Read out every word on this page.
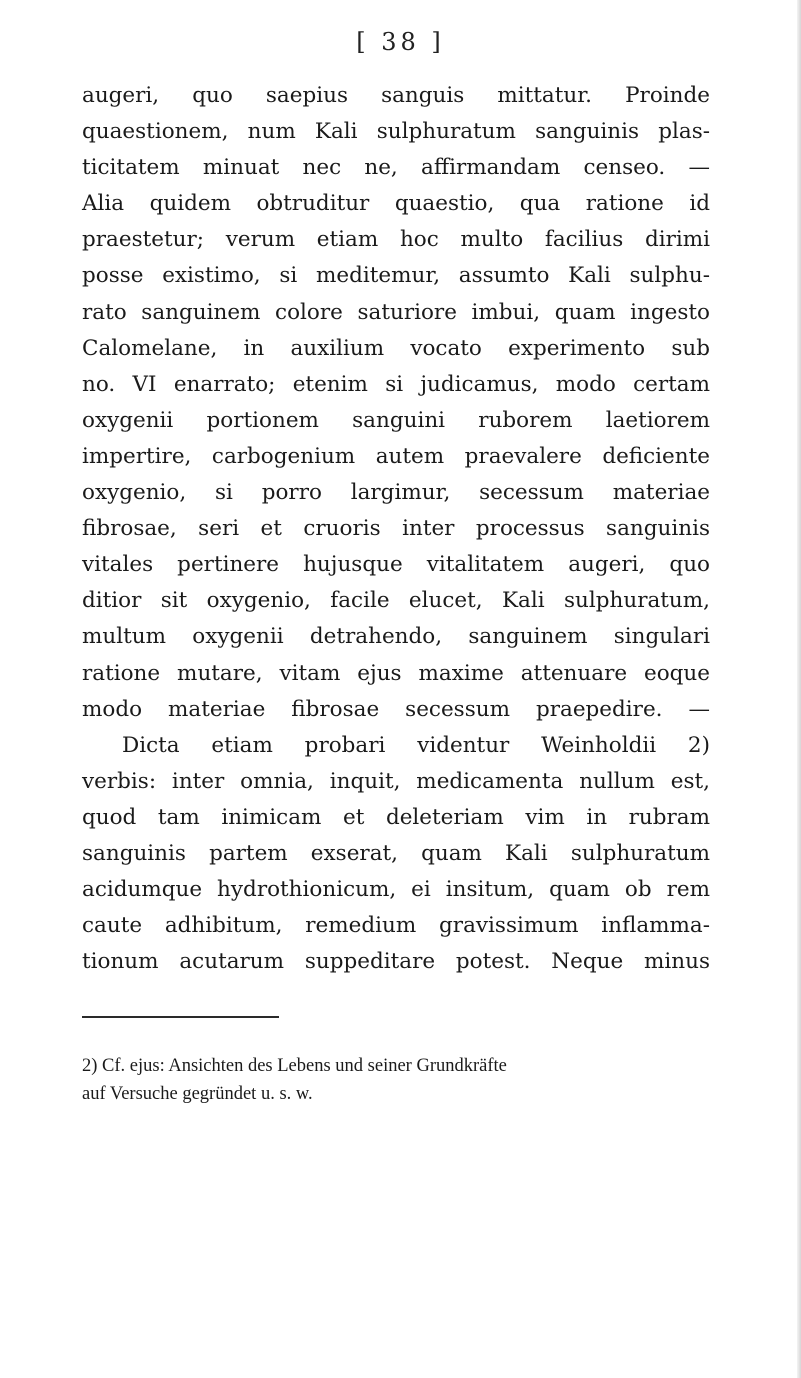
[ 38 ]
augeri, quo saepius sanguis mittatur. Proinde
quaestionem, num Kali sulphuratum sanguinis plas-
ticitatem minuat nec ne, affirmandam censeo. —
Alia quidem obtruditur quaestio, qua ratione id
praestetur; verum etiam hoc multo facilius dirimi
posse existimo, si meditemur, assumto Kali sulphu-
rato sanguinem colore saturiore imbui, quam ingesto
Calomelane, in auxilium vocato experimento sub
no. VI enarrato; etenim si judicamus, modo certam
oxygenii portionem sanguini ruborem laetiorem
impertire, carbogenium autem praevalere deficiente
oxygenio, si porro largimur, secessum materiae
fibrosae, seri et cruoris inter processus sanguinis
vitales pertinere hujusque vitalitatem augeri, quo
ditior sit oxygenio, facile elucet, Kali sulphuratum,
multum oxygenii detrahendo, sanguinem singulari
ratione mutare, vitam ejus maxime attenuare eoque
modo materiae fibrosae secessum praepedire. —
Dicta etiam probari videntur Weinholdii 2)
verbis: inter omnia, inquit, medicamenta nullum est,
quod tam inimicam et deleteriam vim in rubram
sanguinis partem exserat, quam Kali sulphuratum
acidumque hydrothionicum, ei insitum, quam ob rem
caute adhibitum, remedium gravissimum inflamma-
tionum acutarum suppeditare potest. Neque minus
2) Cf. ejus: Ansichten des Lebens und seiner Grundkräfte
auf Versuche gegründet u. s. w.
